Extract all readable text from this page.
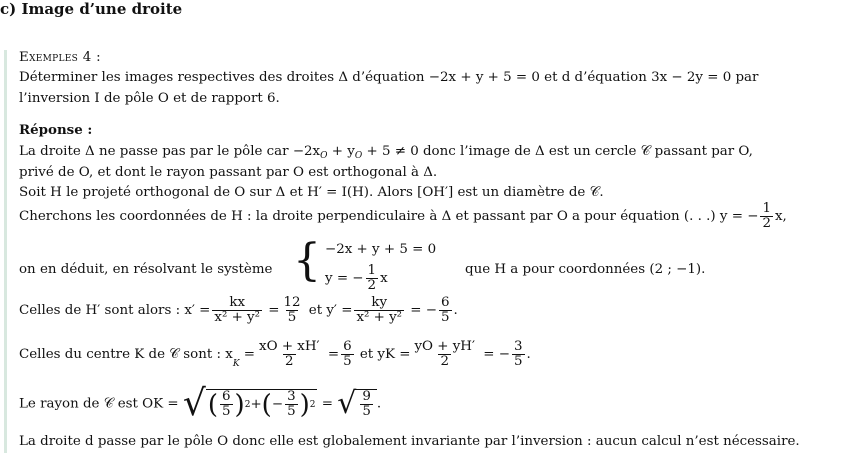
c) Image d’une droite
Exemples 4 :
Déterminer les images respectives des droites Δ d’équation −2x + y + 5 = 0 et d d’équation 3x − 2y = 0 par
l’inversion I de pôle O et de rapport 6.
Réponse :
La droite Δ ne passe pas par le pôle car $-2x_O + y_O + 5 \ne 0$ donc l’image de Δ est un cercle 𝒞 passant par O,
privé de O, et dont le rayon passant par O est orthogonal à Δ.
Soit H le projeté orthogonal de O sur Δ et H′ = I(H). Alors [OH′] est un diamètre de 𝒞.
Cherchons les coordonnées de H : la droite perpendiculaire à Δ et passant par O a pour équation (. . .) y = − $\frac{1}{2} x$,
on en déduit, en résolvant le système { −2x + y + 5 = 0
y = − $\frac{1}{2}$ x
que H a pour coordonnées (2 ; −1).
Celles de H′ sont alors : $x' = \frac{kx}{\text{x² + y²}} = \frac{12}{5}$ et $y' = \frac{ky}{\text{x² + y²}}$ = − $\frac{6}{5}$ .
Celles du centre K de 𝒞 sont : $x_K = \frac{xO + xH'}{2} = \frac{6}{5}$ et yK = $\frac{yO + yH'}{2}$ = − $\frac{3}{5}$ .
Le rayon de 𝒞 est OK = √ ( $\frac{6}{5}$ ) 2 + ( − $\frac{3}{5}$ ) 2 = √ $\frac{9}{5}$ .
La droite d passe par le pôle O donc elle est globalement invariante par l’inversion : aucun calcul n’est nécessaire.
